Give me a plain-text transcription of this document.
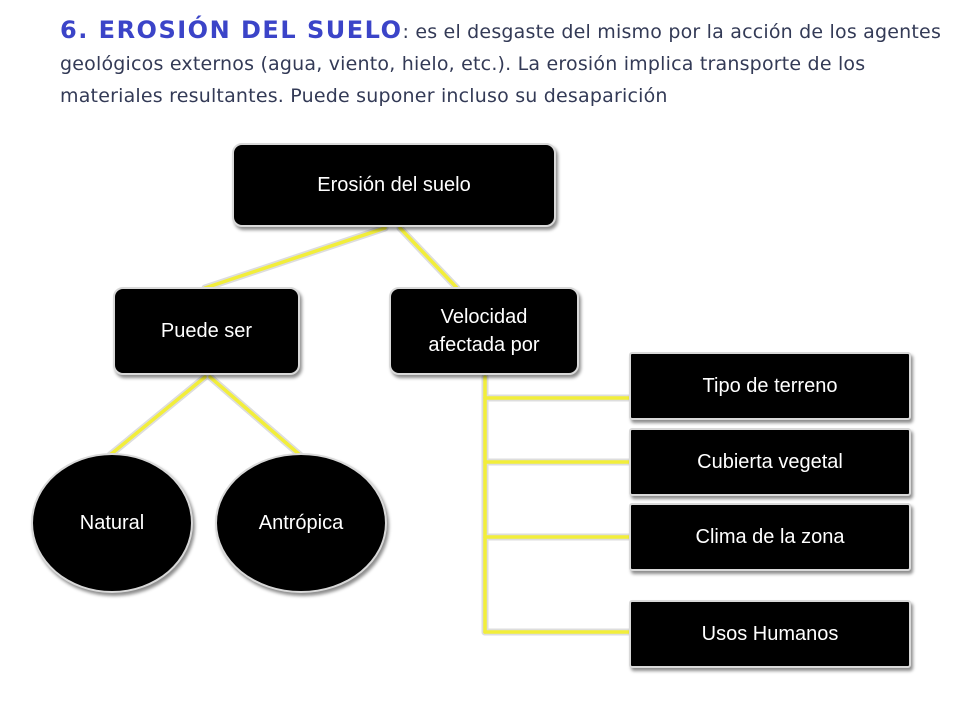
6. EROSIÓN DEL SUELO: es el desgaste del mismo por la acción de los agentes geológicos externos (agua, viento, hielo, etc.). La erosión implica transporte de los materiales resultantes. Puede suponer incluso su desaparición
Erosión del suelo
Puede ser
Velocidad afectada por
Natural	Antrópica
Tipo de terreno
Cubierta vegetal
Clima de la zona
Usos Humanos
